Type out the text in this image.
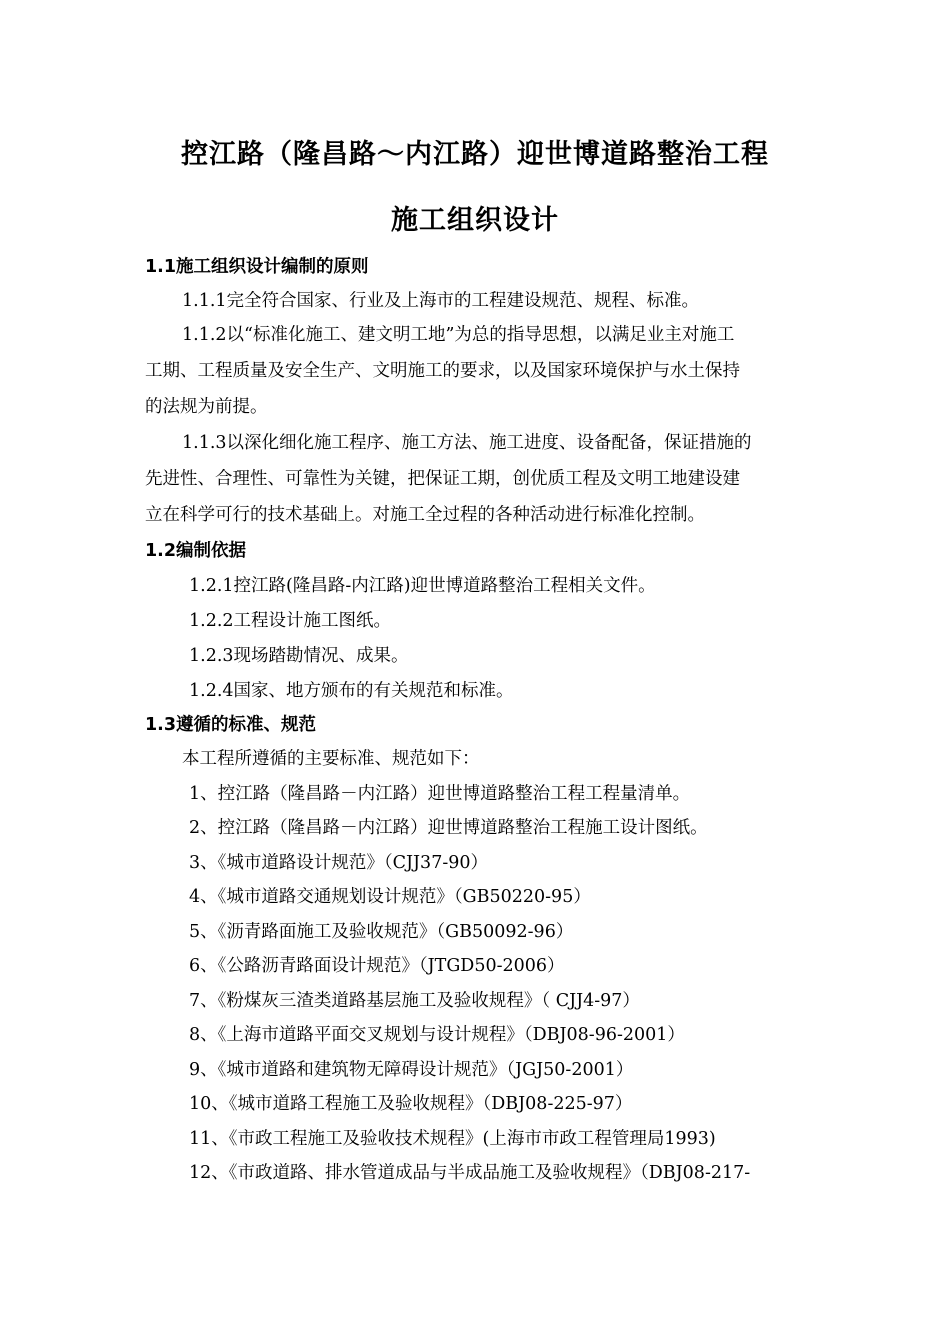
控江路（隆昌路～内江路）迎世博道路整治工程
施工组织设计
1.1施工组织设计编制的原则
1.1.1完全符合国家、行业及上海市的工程建设规范、规程、标准。
1.1.2以“标准化施工、建文明工地”为总的指导思想，以满足业主对施工
工期、工程质量及安全生产、文明施工的要求，以及国家环境保护与水土保持
的法规为前提。
1.1.3以深化细化施工程序、施工方法、施工进度、设备配备，保证措施的
先进性、合理性、可靠性为关键，把保证工期，创优质工程及文明工地建设建
立在科学可行的技术基础上。对施工全过程的各种活动进行标准化控制。
1.2编制依据
1.2.1控江路(隆昌路-内江路)迎世博道路整治工程相关文件。
1.2.2工程设计施工图纸。
1.2.3现场踏勘情况、成果。
1.2.4国家、地方颁布的有关规范和标准。
1.3遵循的标准、规范
本工程所遵循的主要标准、规范如下：
1、控江路（隆昌路－内江路）迎世博道路整治工程工程量清单。
2、控江路（隆昌路－内江路）迎世博道路整治工程施工设计图纸。
3、《城市道路设计规范》（CJJ37-90）
4、《城市道路交通规划设计规范》（GB50220-95）
5、《沥青路面施工及验收规范》（GB50092-96）
6、《公路沥青路面设计规范》（JTGD50-2006）
7、《粉煤灰三渣类道路基层施工及验收规程》（ CJJ4-97）
8、《上海市道路平面交叉规划与设计规程》（DBJ08-96-2001）
9、《城市道路和建筑物无障碍设计规范》（JGJ50-2001）
10、《城市道路工程施工及验收规程》（DBJ08-225-97）
11、《市政工程施工及验收技术规程》(上海市市政工程管理局1993)
12、《市政道路、排水管道成品与半成品施工及验收规程》（DBJ08-217-
